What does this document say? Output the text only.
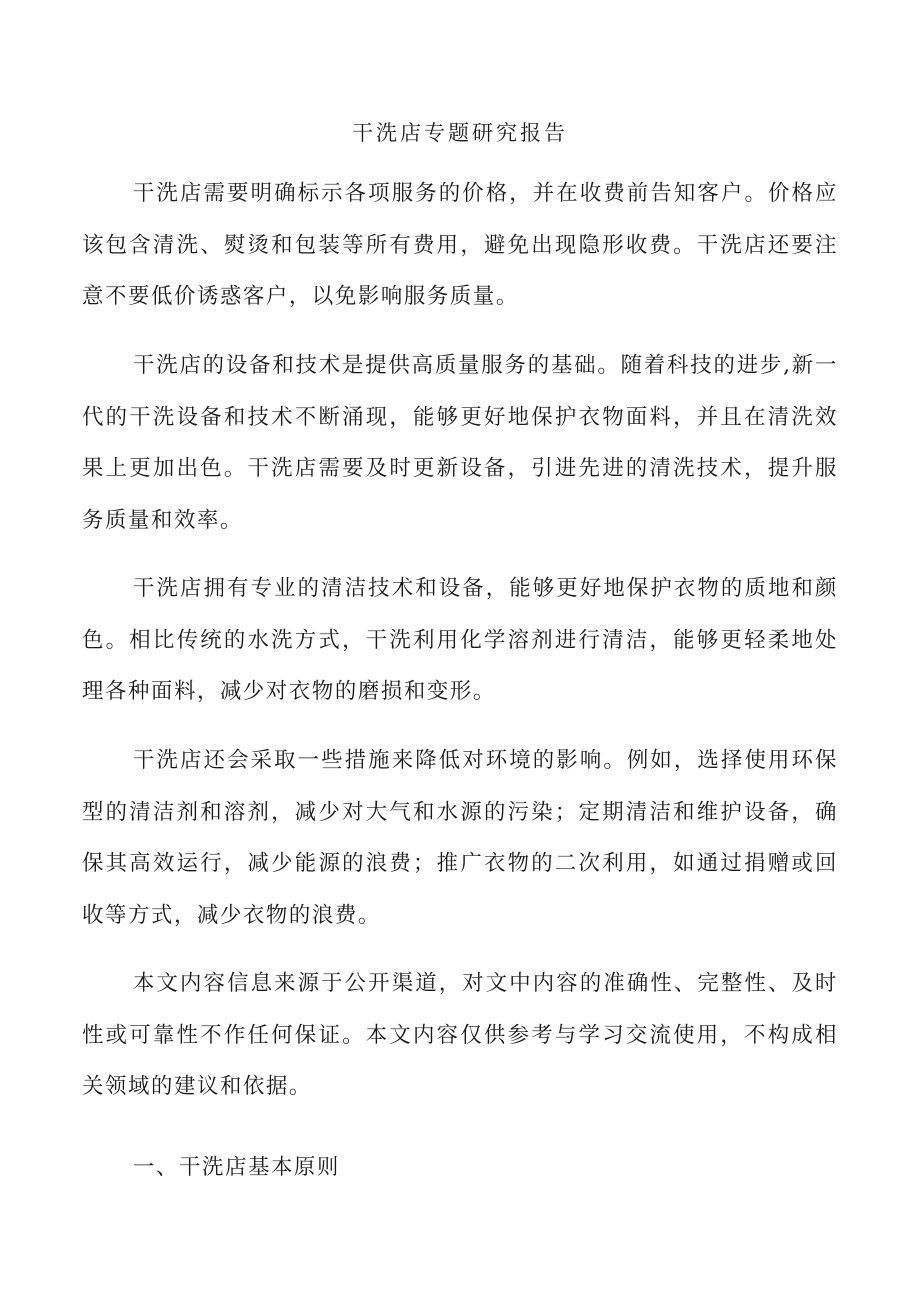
干洗店专题研究报告

干洗店需要明确标示各项服务的价格，并在收费前告知客户。价格应该包含清洗、熨烫和包装等所有费用，避免出现隐形收费。干洗店还要注意不要低价诱惑客户，以免影响服务质量。

干洗店的设备和技术是提供高质量服务的基础。随着科技的进步,新一代的干洗设备和技术不断涌现，能够更好地保护衣物面料，并且在清洗效果上更加出色。干洗店需要及时更新设备，引进先进的清洗技术，提升服务质量和效率。

干洗店拥有专业的清洁技术和设备，能够更好地保护衣物的质地和颜色。相比传统的水洗方式，干洗利用化学溶剂进行清洁，能够更轻柔地处理各种面料，减少对衣物的磨损和变形。

干洗店还会采取一些措施来降低对环境的影响。例如，选择使用环保型的清洁剂和溶剂，减少对大气和水源的污染；定期清洁和维护设备，确保其高效运行，减少能源的浪费；推广衣物的二次利用，如通过捐赠或回收等方式，减少衣物的浪费。

本文内容信息来源于公开渠道，对文中内容的准确性、完整性、及时性或可靠性不作任何保证。本文内容仅供参考与学习交流使用，不构成相关领域的建议和依据。

一、干洗店基本原则
